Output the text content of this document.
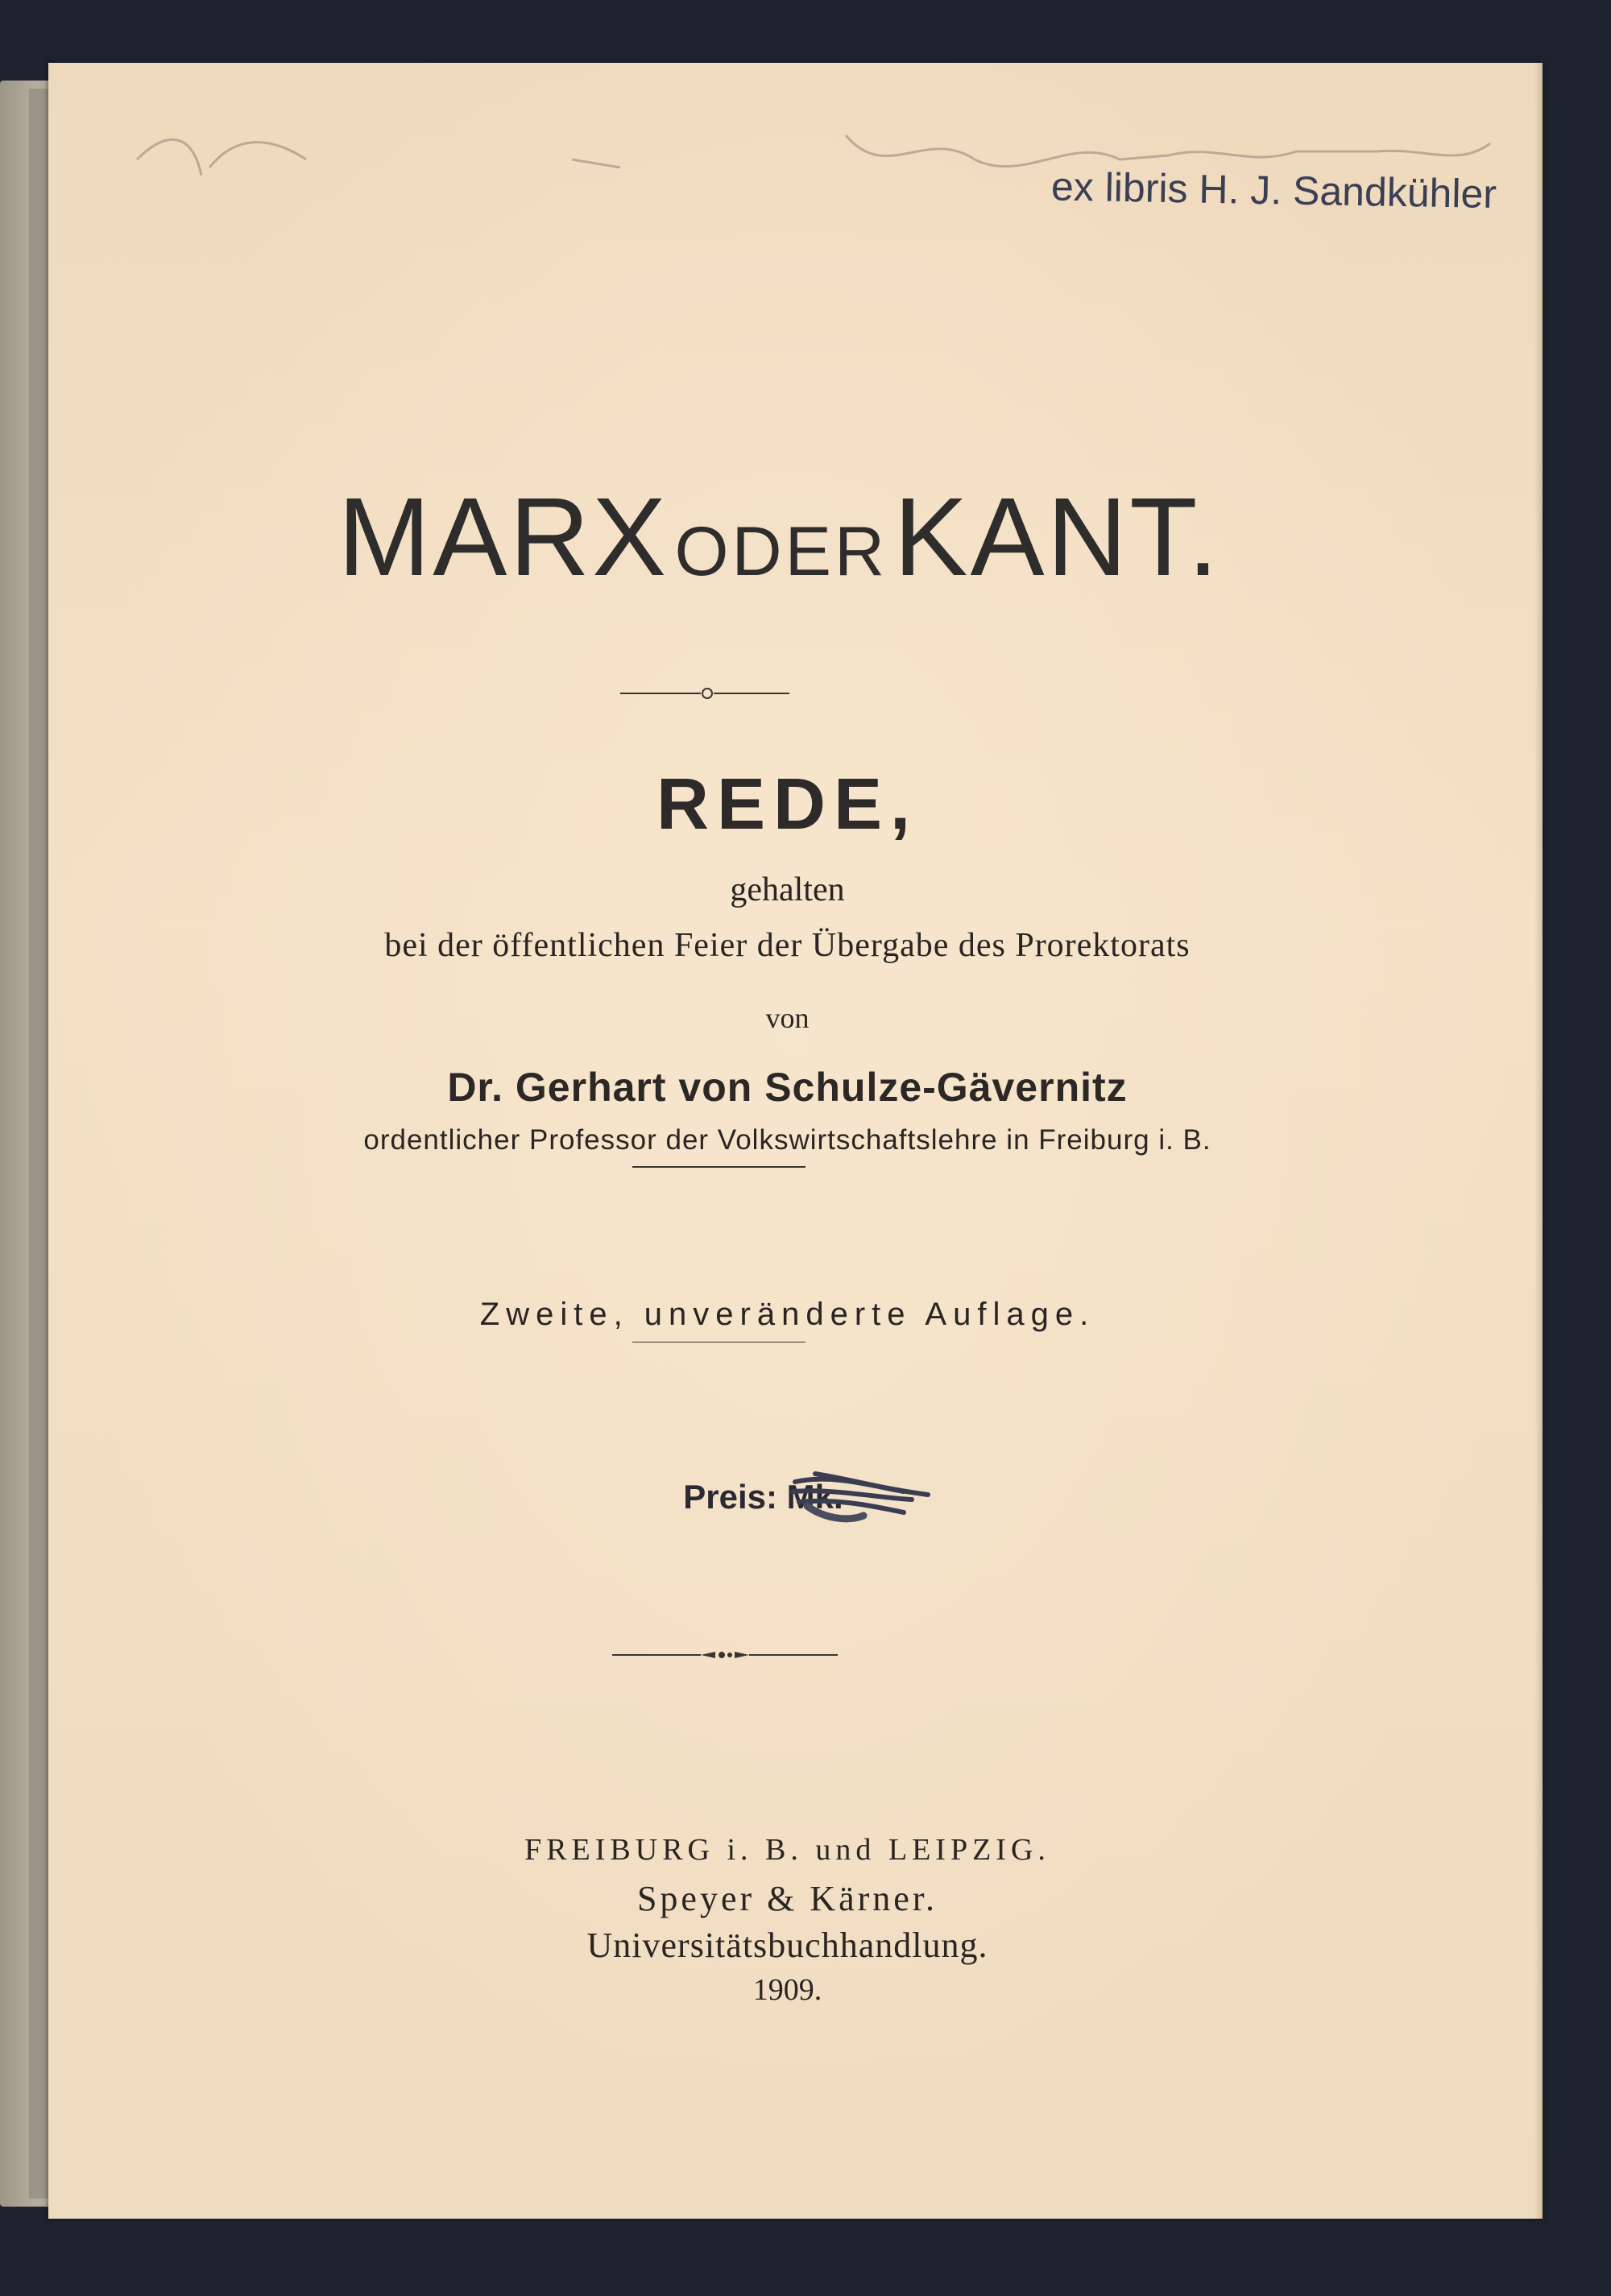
ex libris H. J. Sandkühler
MARX ODER KANT.
REDE,
gehalten
bei der öffentlichen Feier der Übergabe des Prorektorats
von
Dr. Gerhart von Schulze-Gävernitz
ordentlicher Professor der Volkswirtschaftslehre in Freiburg i. B.
Zweite, unveränderte Auflage.
Preis: Mk.
FREIBURG i. B. und LEIPZIG.
Speyer & Kärner.
Universitätsbuchhandlung.
1909.
